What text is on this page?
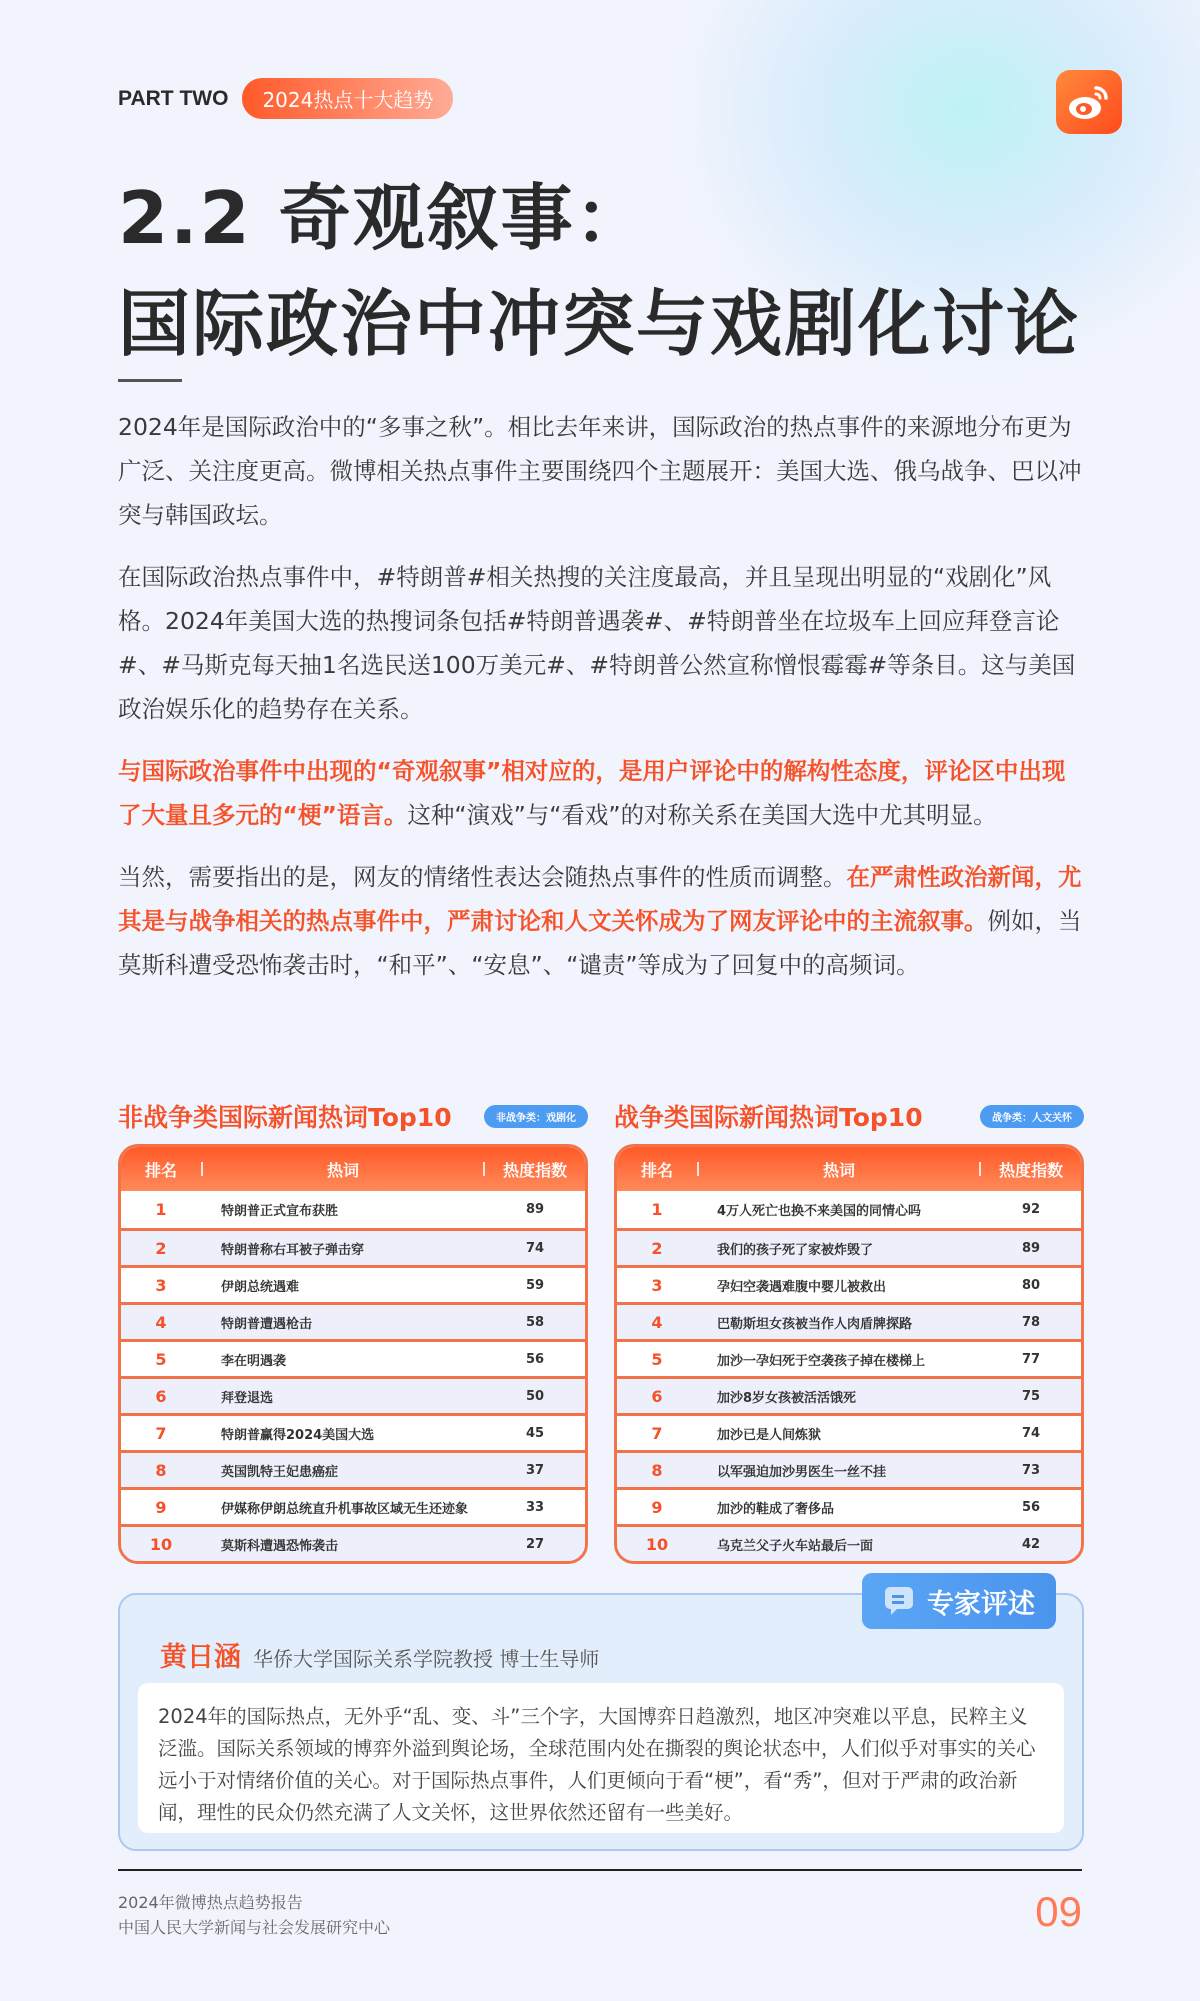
PART TWO	2024热点十大趋势
2.2 奇观叙事：
国际政治中冲突与戏剧化讨论

2024年是国际政治中的“多事之秋”。相比去年来讲，国际政治的热点事件的来源地分布更为广泛、关注度更高。微博相关热点事件主要围绕四个主题展开：美国大选、俄乌战争、巴以冲突与韩国政坛。

在国际政治热点事件中，#特朗普#相关热搜的关注度最高，并且呈现出明显的“戏剧化”风格。2024年美国大选的热搜词条包括#特朗普遇袭#、#特朗普坐在垃圾车上回应拜登言论#、#马斯克每天抽1名选民送100万美元#、#特朗普公然宣称憎恨霉霉#等条目。这与美国政治娱乐化的趋势存在关系。

与国际政治事件中出现的“奇观叙事”相对应的，是用户评论中的解构性态度，评论区中出现了大量且多元的“梗”语言。这种“演戏”与“看戏”的对称关系在美国大选中尤其明显。

当然，需要指出的是，网友的情绪性表达会随热点事件的性质而调整。在严肃性政治新闻，尤其是与战争相关的热点事件中，严肃讨论和人文关怀成为了网友评论中的主流叙事。例如，当莫斯科遭受恐怖袭击时，“和平”、“安息”、“谴责”等成为了回复中的高频词。

非战争类国际新闻热词Top10	非战争类：戏剧化
排名	热词	热度指数
1	特朗普正式宣布获胜	89
2	特朗普称右耳被子弹击穿	74
3	伊朗总统遇难	59
4	特朗普遭遇枪击	58
5	李在明遇袭	56
6	拜登退选	50
7	特朗普赢得2024美国大选	45
8	英国凯特王妃患癌症	37
9	伊媒称伊朗总统直升机事故区域无生还迹象	33
10	莫斯科遭遇恐怖袭击	27
战争类国际新闻热词Top10	战争类：人文关怀
排名	热词	热度指数
1	4万人死亡也换不来美国的同情心吗	92
2	我们的孩子死了家被炸毁了	89
3	孕妇空袭遇难腹中婴儿被救出	80
4	巴勒斯坦女孩被当作人肉盾牌探路	78
5	加沙一孕妇死于空袭孩子掉在楼梯上	77
6	加沙8岁女孩被活活饿死	75
7	加沙已是人间炼狱	74
8	以军强迫加沙男医生一丝不挂	73
9	加沙的鞋成了奢侈品	56
10	乌克兰父子火车站最后一面	42
黄日涵 华侨大学国际关系学院教授 博士生导师
2024年的国际热点，无外乎“乱、变、斗”三个字，大国博弈日趋激烈，地区冲突难以平息，民粹主义泛滥。国际关系领域的博弈外溢到舆论场，全球范围内处在撕裂的舆论状态中，人们似乎对事实的关心远小于对情绪价值的关心。对于国际热点事件，人们更倾向于看“梗”，看“秀”，但对于严肃的政治新闻，理性的民众仍然充满了人文关怀，这世界依然还留有一些美好。
专家评述
2024年微博热点趋势报告
中国人民大学新闻与社会发展研究中心	09
